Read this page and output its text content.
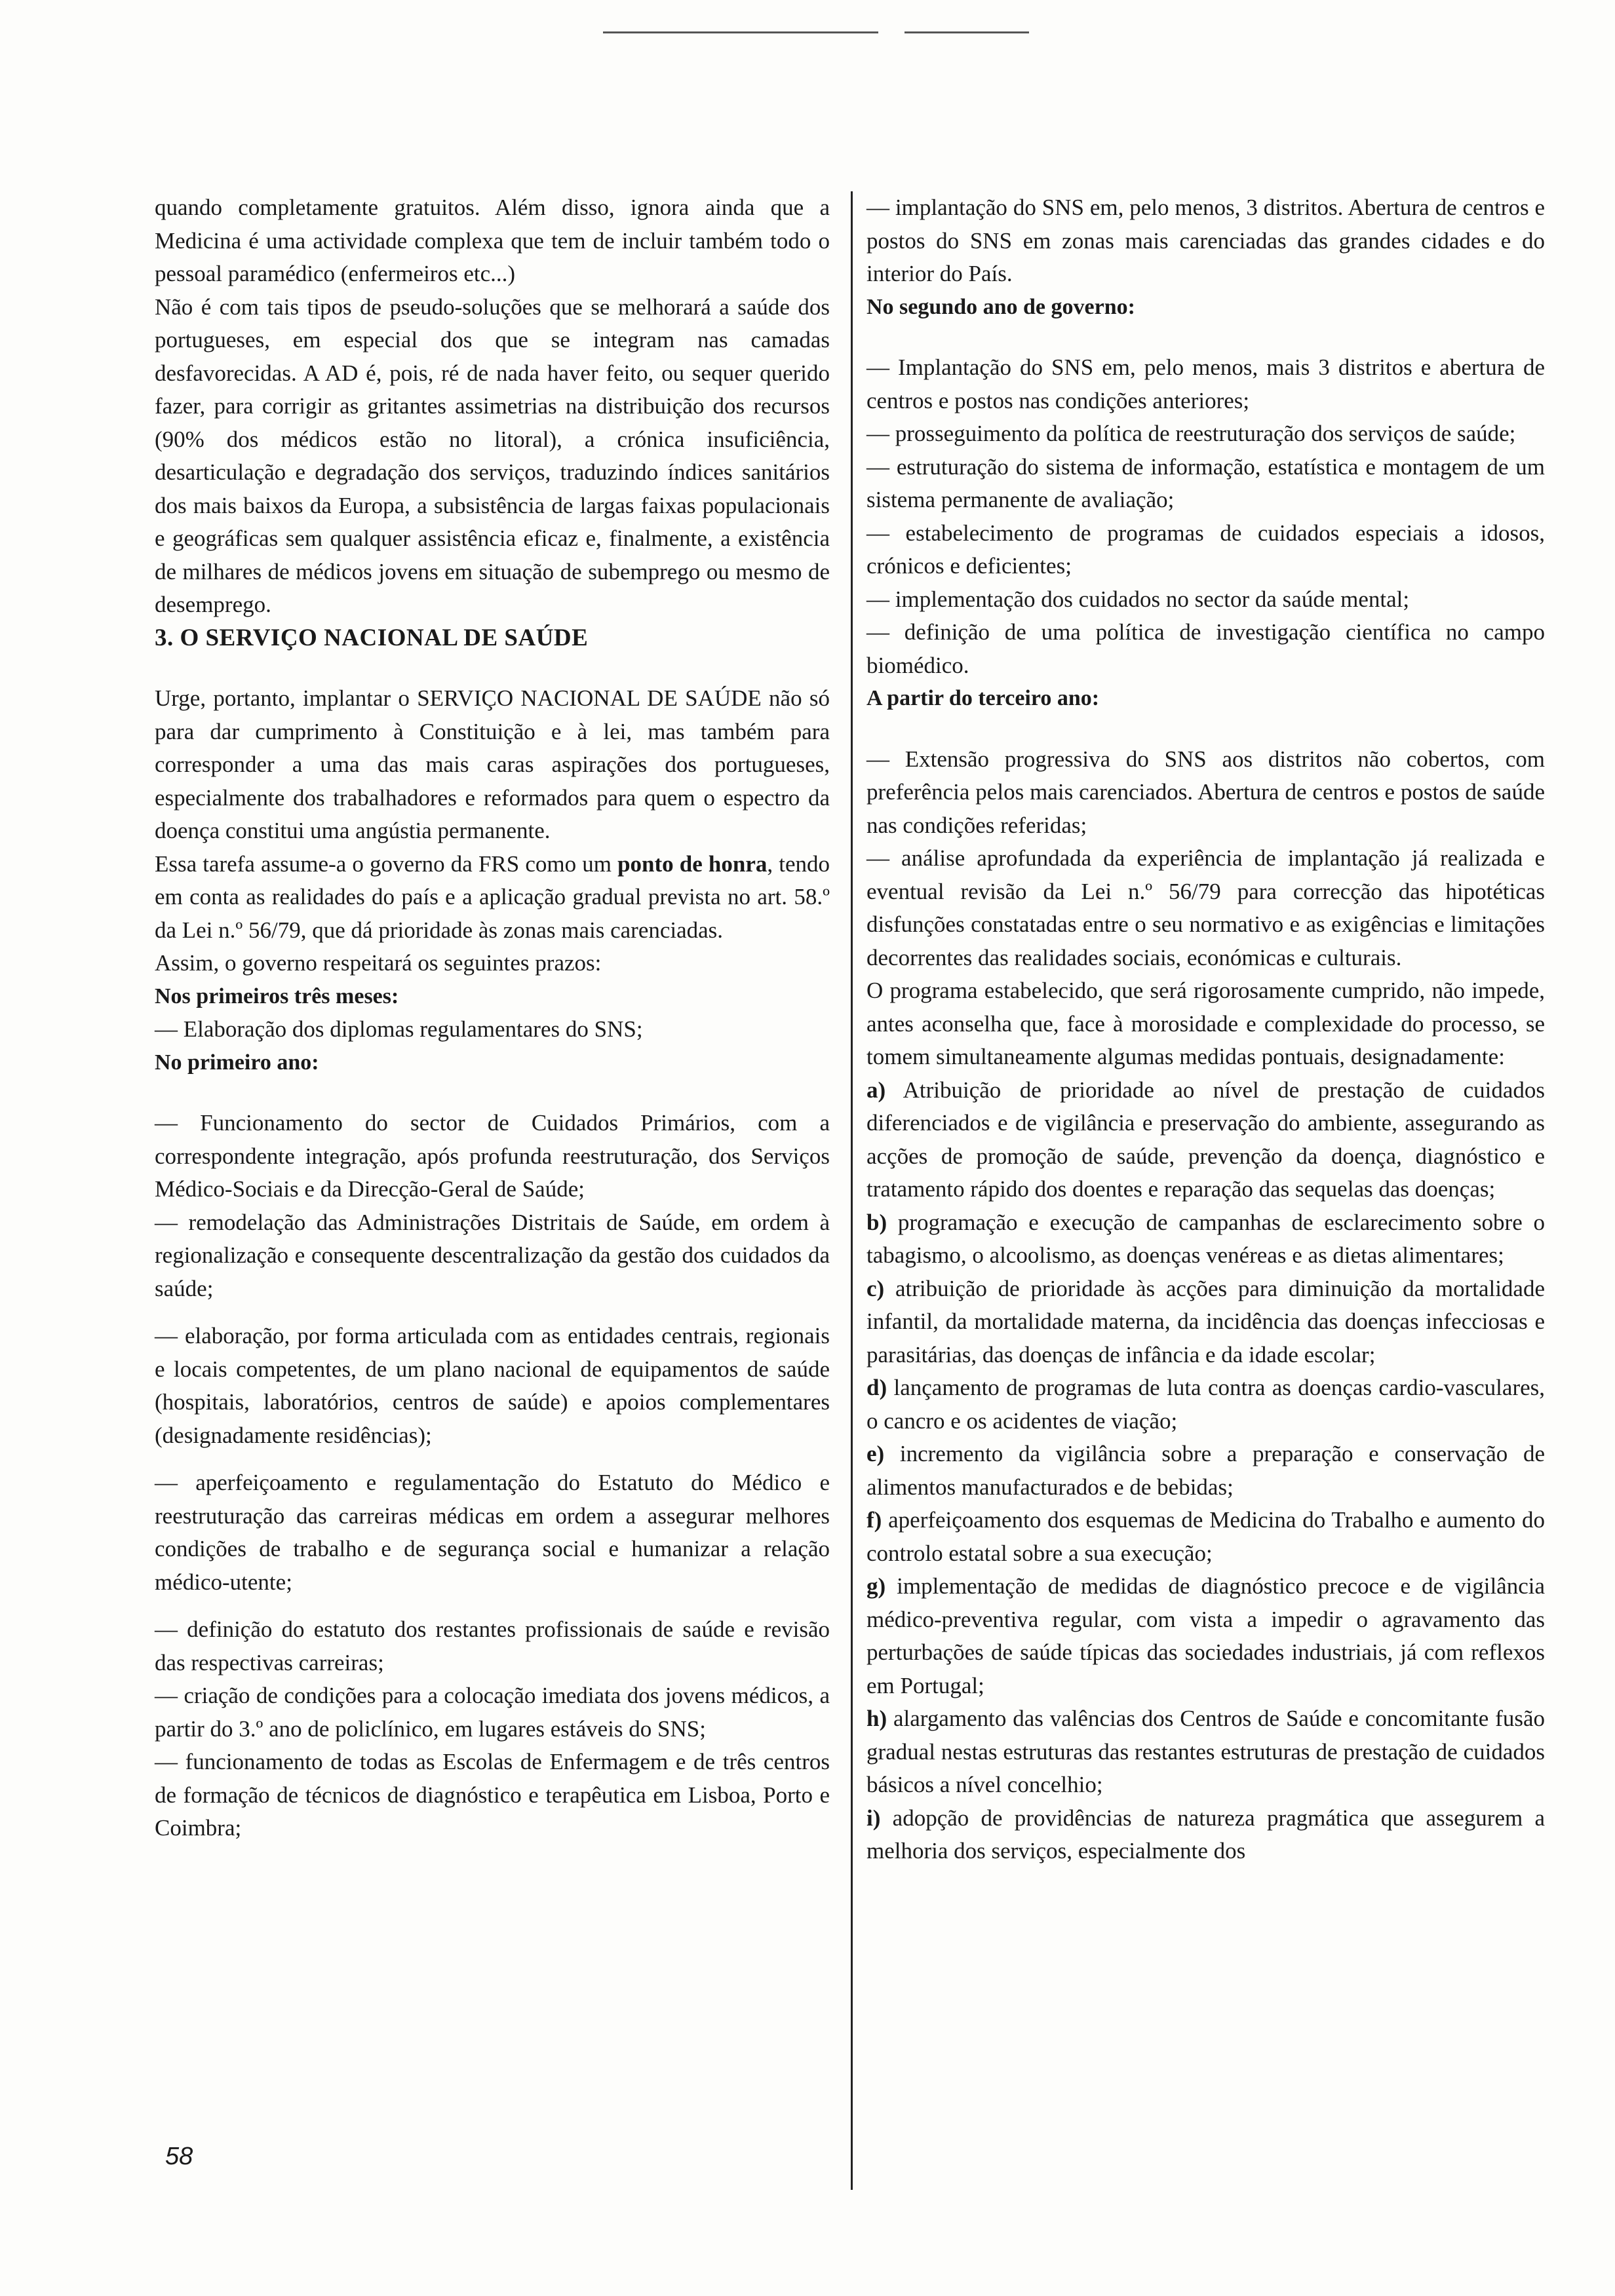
quando completamente gratuitos. Além disso, ignora ainda que a Medicina é uma actividade complexa que tem de incluir também todo o pessoal paramédico (enfermeiros etc...)

Não é com tais tipos de pseudo-soluções que se melhorará a saúde dos portugueses, em especial dos que se integram nas camadas desfavorecidas. A AD é, pois, ré de nada haver feito, ou sequer querido fazer, para corrigir as gritantes assimetrias na distribuição dos recursos (90% dos médicos estão no litoral), a crónica insuficiência, desarticulação e degradação dos serviços, traduzindo índices sanitários dos mais baixos da Europa, a subsistência de largas faixas populacionais e geográficas sem qualquer assistência eficaz e, finalmente, a existência de milhares de médicos jovens em situação de subemprego ou mesmo de desemprego.

3. O SERVIÇO NACIONAL DE SAÚDE

Urge, portanto, implantar o SERVIÇO NACIONAL DE SAÚDE não só para dar cumprimento à Constituição e à lei, mas também para corresponder a uma das mais caras aspirações dos portugueses, especialmente dos trabalhadores e reformados para quem o espectro da doença constitui uma angústia permanente.

Essa tarefa assume-a o governo da FRS como um ponto de honra, tendo em conta as realidades do país e a aplicação gradual prevista no art. 58.º da Lei n.º 56/79, que dá prioridade às zonas mais carenciadas.

Assim, o governo respeitará os seguintes prazos:

Nos primeiros três meses:

— Elaboração dos diplomas regulamentares do SNS;

No primeiro ano:

— Funcionamento do sector de Cuidados Primários, com a correspondente integração, após profunda reestruturação, dos Serviços Médico-Sociais e da Direcção-Geral de Saúde;

— remodelação das Administrações Distritais de Saúde, em ordem à regionalização e consequente descentralização da gestão dos cuidados da saúde;

— elaboração, por forma articulada com as entidades centrais, regionais e locais competentes, de um plano nacional de equipamentos de saúde (hospitais, laboratórios, centros de saúde) e apoios complementares (designadamente residências);

— aperfeiçoamento e regulamentação do Estatuto do Médico e reestruturação das carreiras médicas em ordem a assegurar melhores condições de trabalho e de segurança social e humanizar a relação médico-utente;

— definição do estatuto dos restantes profissionais de saúde e revisão das respectivas carreiras;

— criação de condições para a colocação imediata dos jovens médicos, a partir do 3.º ano de policlínico, em lugares estáveis do SNS;

— funcionamento de todas as Escolas de Enfermagem e de três centros de formação de técnicos de diagnóstico e terapêutica em Lisboa, Porto e Coimbra;

— implantação do SNS em, pelo menos, 3 distritos. Abertura de centros e postos do SNS em zonas mais carenciadas das grandes cidades e do interior do País.

No segundo ano de governo:

— Implantação do SNS em, pelo menos, mais 3 distritos e abertura de centros e postos nas condições anteriores;

— prosseguimento da política de reestruturação dos serviços de saúde;

— estruturação do sistema de informação, estatística e montagem de um sistema permanente de avaliação;

— estabelecimento de programas de cuidados especiais a idosos, crónicos e deficientes;

— implementação dos cuidados no sector da saúde mental;

— definição de uma política de investigação científica no campo biomédico.

A partir do terceiro ano:

— Extensão progressiva do SNS aos distritos não cobertos, com preferência pelos mais carenciados. Abertura de centros e postos de saúde nas condições referidas;

— análise aprofundada da experiência de implantação já realizada e eventual revisão da Lei n.º 56/79 para correcção das hipotéticas disfunções constatadas entre o seu normativo e as exigências e limitações decorrentes das realidades sociais, económicas e culturais.

O programa estabelecido, que será rigorosamente cumprido, não impede, antes aconselha que, face à morosidade e complexidade do processo, se tomem simultaneamente algumas medidas pontuais, designadamente:

a) Atribuição de prioridade ao nível de prestação de cuidados diferenciados e de vigilância e preservação do ambiente, assegurando as acções de promoção de saúde, prevenção da doença, diagnóstico e tratamento rápido dos doentes e reparação das sequelas das doenças;

b) programação e execução de campanhas de esclarecimento sobre o tabagismo, o alcoolismo, as doenças venéreas e as dietas alimentares;

c) atribuição de prioridade às acções para diminuição da mortalidade infantil, da mortalidade materna, da incidência das doenças infecciosas e parasitárias, das doenças de infância e da idade escolar;

d) lançamento de programas de luta contra as doenças cardio-vasculares, o cancro e os acidentes de viação;

e) incremento da vigilância sobre a preparação e conservação de alimentos manufacturados e de bebidas;

f) aperfeiçoamento dos esquemas de Medicina do Trabalho e aumento do controlo estatal sobre a sua execução;

g) implementação de medidas de diagnóstico precoce e de vigilância médico-preventiva regular, com vista a impedir o agravamento das perturbações de saúde típicas das sociedades industriais, já com reflexos em Portugal;

h) alargamento das valências dos Centros de Saúde e concomitante fusão gradual nestas estruturas das restantes estruturas de prestação de cuidados básicos a nível concelhio;

i) adopção de providências de natureza pragmática que assegurem a melhoria dos serviços, especialmente dos

58
